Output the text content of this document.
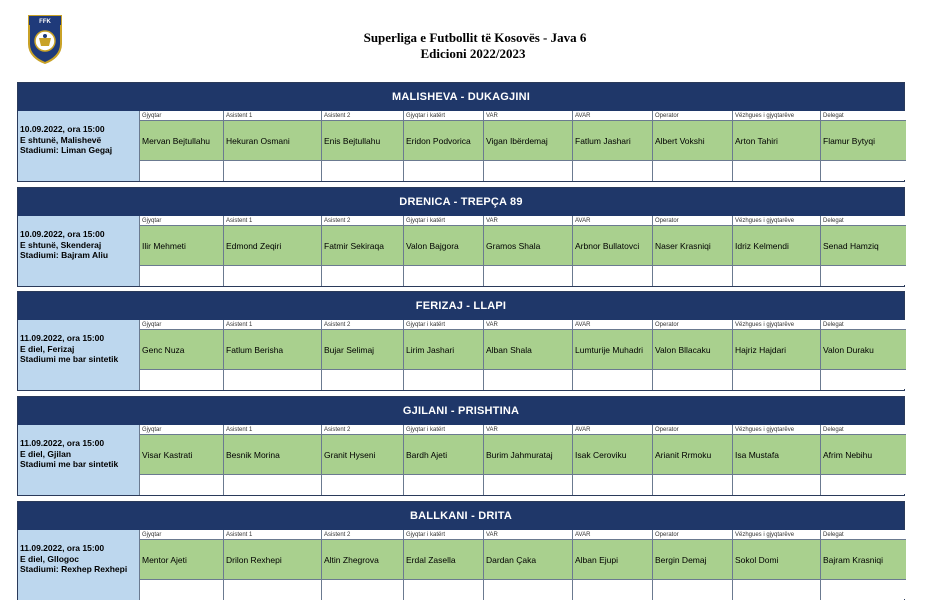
FFK
Superliga e Futbollit të Kosovës - Java 6
Edicioni 2022/2023
MALISHEVA - DUKAGJINI
10.09.2022, ora 15:00
E shtunë, Malishevë
Stadiumi: Liman Gegaj
Gjyqtar
Mervan Bejtullahu
Asistent 1
Hekuran Osmani
Asistent 2
Enis Bejtullahu
Gjyqtar i katërt
Eridon Podvorica
VAR
Vigan Ibërdemaj
AVAR
Fatlum Jashari
Operator
Albert Vokshi
Vëzhgues i gjyqtarëve
Arton Tahiri
Delegat
Flamur Bytyqi
DRENICA - TREPÇA 89
10.09.2022, ora 15:00
E shtunë, Skenderaj
Stadiumi: Bajram Aliu
Gjyqtar
Ilir Mehmeti
Asistent 1
Edmond Zeqiri
Asistent 2
Fatmir Sekiraqa
Gjyqtar i katërt
Valon Bajgora
VAR
Gramos Shala
AVAR
Arbnor Bullatovci
Operator
Naser Krasniqi
Vëzhgues i gjyqtarëve
Idriz Kelmendi
Delegat
Senad Hamziq
FERIZAJ - LLAPI
11.09.2022, ora 15:00
E diel, Ferizaj
Stadiumi me bar sintetik
Gjyqtar
Genc Nuza
Asistent 1
Fatlum Berisha
Asistent 2
Bujar Selimaj
Gjyqtar i katërt
Lirim Jashari
VAR
Alban Shala
AVAR
Lumturije Muhadri
Operator
Valon Bllacaku
Vëzhgues i gjyqtarëve
Hajriz Hajdari
Delegat
Valon Duraku
GJILANI - PRISHTINA
11.09.2022, ora 15:00
E diel, Gjilan
Stadiumi me bar sintetik
Gjyqtar
Visar Kastrati
Asistent 1
Besnik Morina
Asistent 2
Granit Hyseni
Gjyqtar i katërt
Bardh Ajeti
VAR
Burim Jahmurataj
AVAR
Isak Ceroviku
Operator
Arianit Rrmoku
Vëzhgues i gjyqtarëve
Isa Mustafa
Delegat
Afrim Nebihu
BALLKANI - DRITA
11.09.2022, ora 15:00
E diel, Gllogoc
Stadiumi: Rexhep Rexhepi
Gjyqtar
Mentor Ajeti
Asistent 1
Drilon Rexhepi
Asistent 2
Altin Zhegrova
Gjyqtar i katërt
Erdal Zasella
VAR
Dardan Çaka
AVAR
Alban Ejupi
Operator
Bergin Demaj
Vëzhgues i gjyqtarëve
Sokol Domi
Delegat
Bajram Krasniqi
